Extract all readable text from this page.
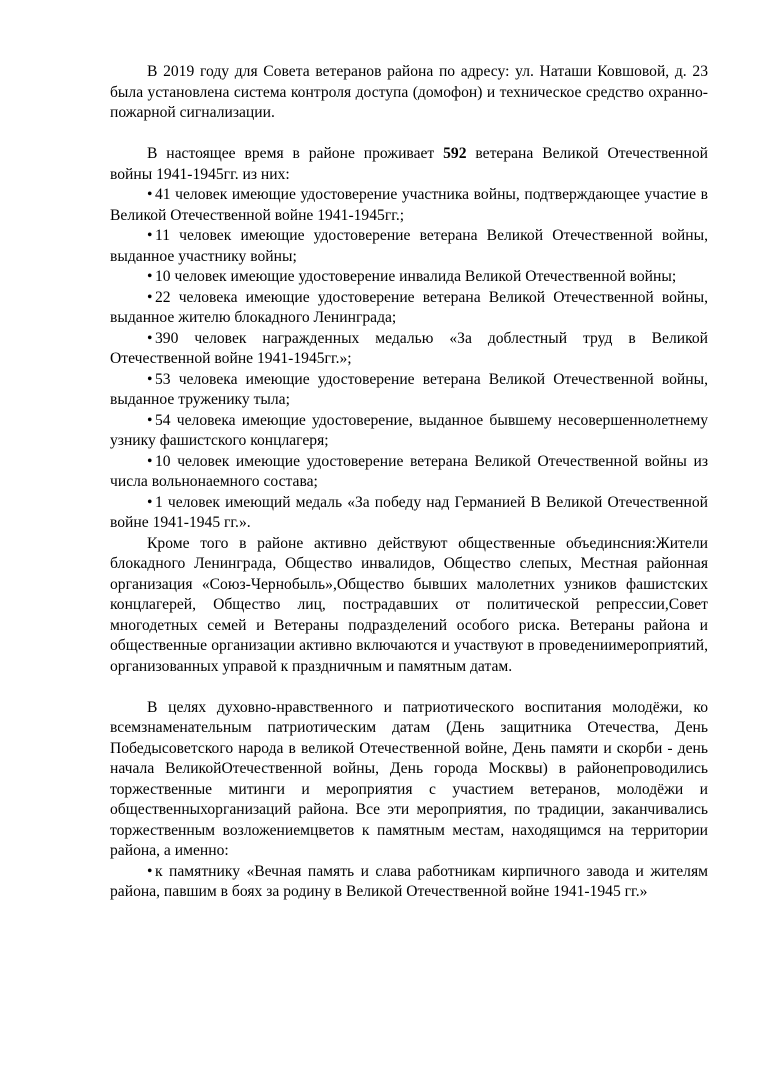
В 2019 году для Совета ветеранов района по адресу: ул. Наташи Ковшовой, д. 23 была установлена система контроля доступа (домофон) и техническое средство охранно-пожарной сигнализации.

В настоящее время в районе проживает 592 ветерана Великой Отечественной войны 1941-1945гг. из них:

• 41 человек имеющие удостоверение участника войны, подтверждающее участие в Великой Отечественной войне 1941-1945гг.;

• 11 человек имеющие удостоверение ветерана Великой Отечественной войны, выданное участнику войны;

• 10 человек имеющие удостоверение инвалида Великой Отечественной войны;

• 22 человека имеющие удостоверение ветерана Великой Отечественной войны, выданное жителю блокадного Ленинграда;

• 390 человек награжденных медалью «За доблестный труд в Великой Отечественной войне 1941-1945гг.»;

• 53 человека имеющие удостоверение ветерана Великой Отечественной войны, выданное труженику тыла;

• 54 человека имеющие удостоверение, выданное бывшему несовершеннолетнему узнику фашистского концлагеря;

• 10 человек имеющие удостоверение ветерана Великой Отечественной войны из числа вольнонаемного состава;

• 1 человек имеющий медаль «За победу над Германией В Великой Отечественной войне 1941-1945 гг.».

Кроме того в районе активно действуют общественные объединсния:Жители блокадного Ленинграда, Общество инвалидов, Общество слепых, Местная районная организация «Союз-Чернобыль»,Общество бывших малолетних узников фашистских концлагерей, Общество лиц, пострадавших от политической репрессии,Совет многодетных семей и Ветераны подразделений особого риска. Ветераны района и общественные организации активно включаются и участвуют в проведениимероприятий, организованных управой к праздничным и памятным датам.

В целях духовно-нравственного и патриотического воспитания молодёжи, ко всемзнаменательным патриотическим датам (День защитника Отечества, День Победысоветского народа в великой Отечественной войне, День памяти и скорби - день начала ВеликойОтечественной войны, День города Москвы) в районепроводились торжественные митинги и мероприятия с участием ветеранов, молодёжи и общественныхорганизаций района. Все эти мероприятия, по традиции, заканчивались торжественным возложениемцветов к памятным местам, находящимся на территории района, а именно:

• к памятнику «Вечная память и слава работникам кирпичного завода и жителям района, павшим в боях за родину в Великой Отечественной войне 1941-1945 гг.»
